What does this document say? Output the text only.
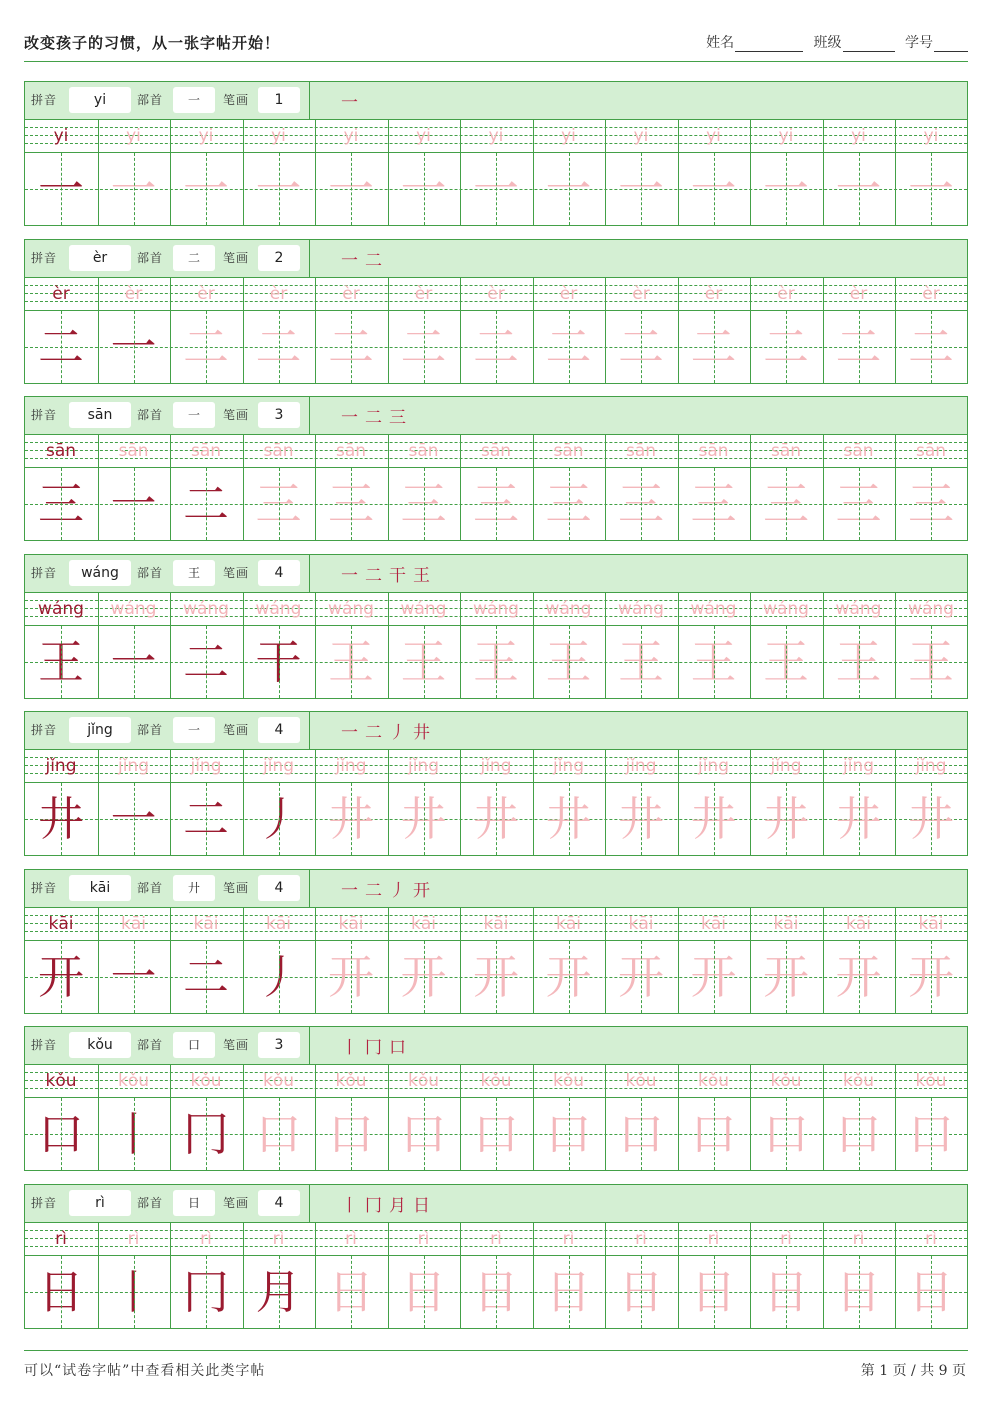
改变孩子的习惯，从一张字帖开始！	姓名	班级	学号
拼音	yi	部首	一	笔画	1	一
yi	yi	yi	yi	yi	yi	yi	yi	yi	yi	yi	yi	yi
一 一 一 一 一 一 一 一 一 一 一 一 一
拼音	èr	部首	二	笔画	2	一 二
èr	èr	èr	èr	èr	èr	èr	èr	èr	èr	èr	èr	èr
二 一 二 二 二 二 二 二 二 二 二 二 二
拼音	sān	部首	一	笔画	3	一 二 三
sān	sān	sān	sān	sān	sān	sān	sān	sān	sān	sān	sān	sān
三 一 二 三 三 三 三 三 三 三 三 三 三
拼音	wáng	部首	王	笔画	4	一 二 干 王
wáng	wáng	wáng	wáng	wáng	wáng	wáng	wáng	wáng	wáng	wáng	wáng	wáng
王 一 二 干 王 王 王 王 王 王 王 王 王
拼音	jǐng	部首	一	笔画	4	一 二 丿 井
jǐng	jǐng	jǐng	jǐng	jǐng	jǐng	jǐng	jǐng	jǐng	jǐng	jǐng	jǐng	jǐng
井 一 二 丿 井 井 井 井 井 井 井 井 井
拼音	kāi	部首	廾	笔画	4	一 二 丿 开
kāi	kāi	kāi	kāi	kāi	kāi	kāi	kāi	kāi	kāi	kāi	kāi	kāi
开 一 二 丿 开 开 开 开 开 开 开 开 开
拼音	kǒu	部首	口	笔画	3	丨 冂 口
kǒu	kǒu	kǒu	kǒu	kǒu	kǒu	kǒu	kǒu	kǒu	kǒu	kǒu	kǒu	kǒu
口 丨 冂 口 口 口 口 口 口 口 口 口 口
拼音	rì	部首	日	笔画	4	丨 冂 月 日
rì	rì	rì	rì	rì	rì	rì	rì	rì	rì	rì	rì	rì
日 丨 冂 月 日 日 日 日 日 日 日 日 日
可以“试卷字帖”中查看相关此类字帖	第 1 页 / 共 9 页
